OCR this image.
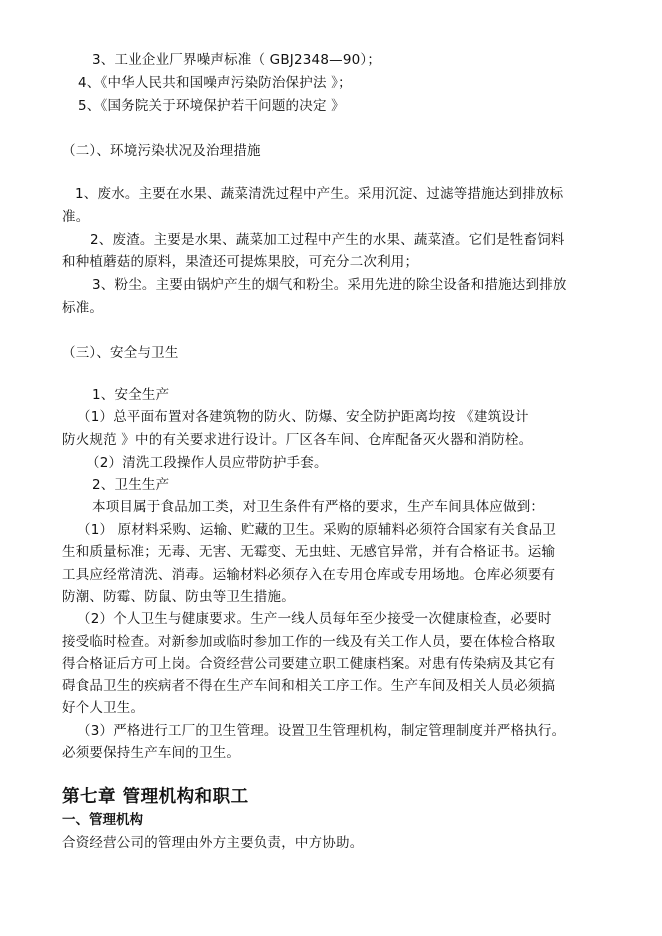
3、工业企业厂界噪声标准（ GBJ2348—90）；
4、《中华人民共和国噪声污染防治保护法 》；
5、《国务院关于环境保护若干问题的决定 》
（二）、环境污染状况及治理措施
1、废水。主要在水果、蔬菜清洗过程中产生。采用沉淀、过滤等措施达到排放标
准。
2、废渣。主要是水果、蔬菜加工过程中产生的水果、蔬菜渣。它们是牲畜饲料
和种植蘑菇的原料，果渣还可提炼果胶，可充分二次利用；
3、粉尘。主要由锅炉产生的烟气和粉尘。采用先进的除尘设备和措施达到排放
标准。
（三）、安全与卫生
1、安全生产
（1）总平面布置对各建筑物的防火、防爆、安全防护距离均按 《建筑设计
防火规范 》中的有关要求进行设计。厂区各车间、仓库配备灭火器和消防栓。
（2）清洗工段操作人员应带防护手套。
2、卫生生产
本项目属于食品加工类，对卫生条件有严格的要求，生产车间具体应做到：
（1） 原材料采购、运输、贮藏的卫生。采购的原辅料必须符合国家有关食品卫
生和质量标准；无毒、无害、无霉变、无虫蛀、无感官异常，并有合格证书。运输
工具应经常清洗、消毒。运输材料必须存入在专用仓库或专用场地。仓库必须要有
防潮、防霉、防鼠、防虫等卫生措施。
（2）个人卫生与健康要求。生产一线人员每年至少接受一次健康检查，必要时
接受临时检查。对新参加或临时参加工作的一线及有关工作人员，要在体检合格取
得合格证后方可上岗。合资经营公司要建立职工健康档案。对患有传染病及其它有
碍食品卫生的疾病者不得在生产车间和相关工序工作。生产车间及相关人员必须搞
好个人卫生。
（3）严格进行工厂的卫生管理。设置卫生管理机构，制定管理制度并严格执行。
必须要保持生产车间的卫生。
第七章 管理机构和职工
一、管理机构
合资经营公司的管理由外方主要负责，中方协助。
